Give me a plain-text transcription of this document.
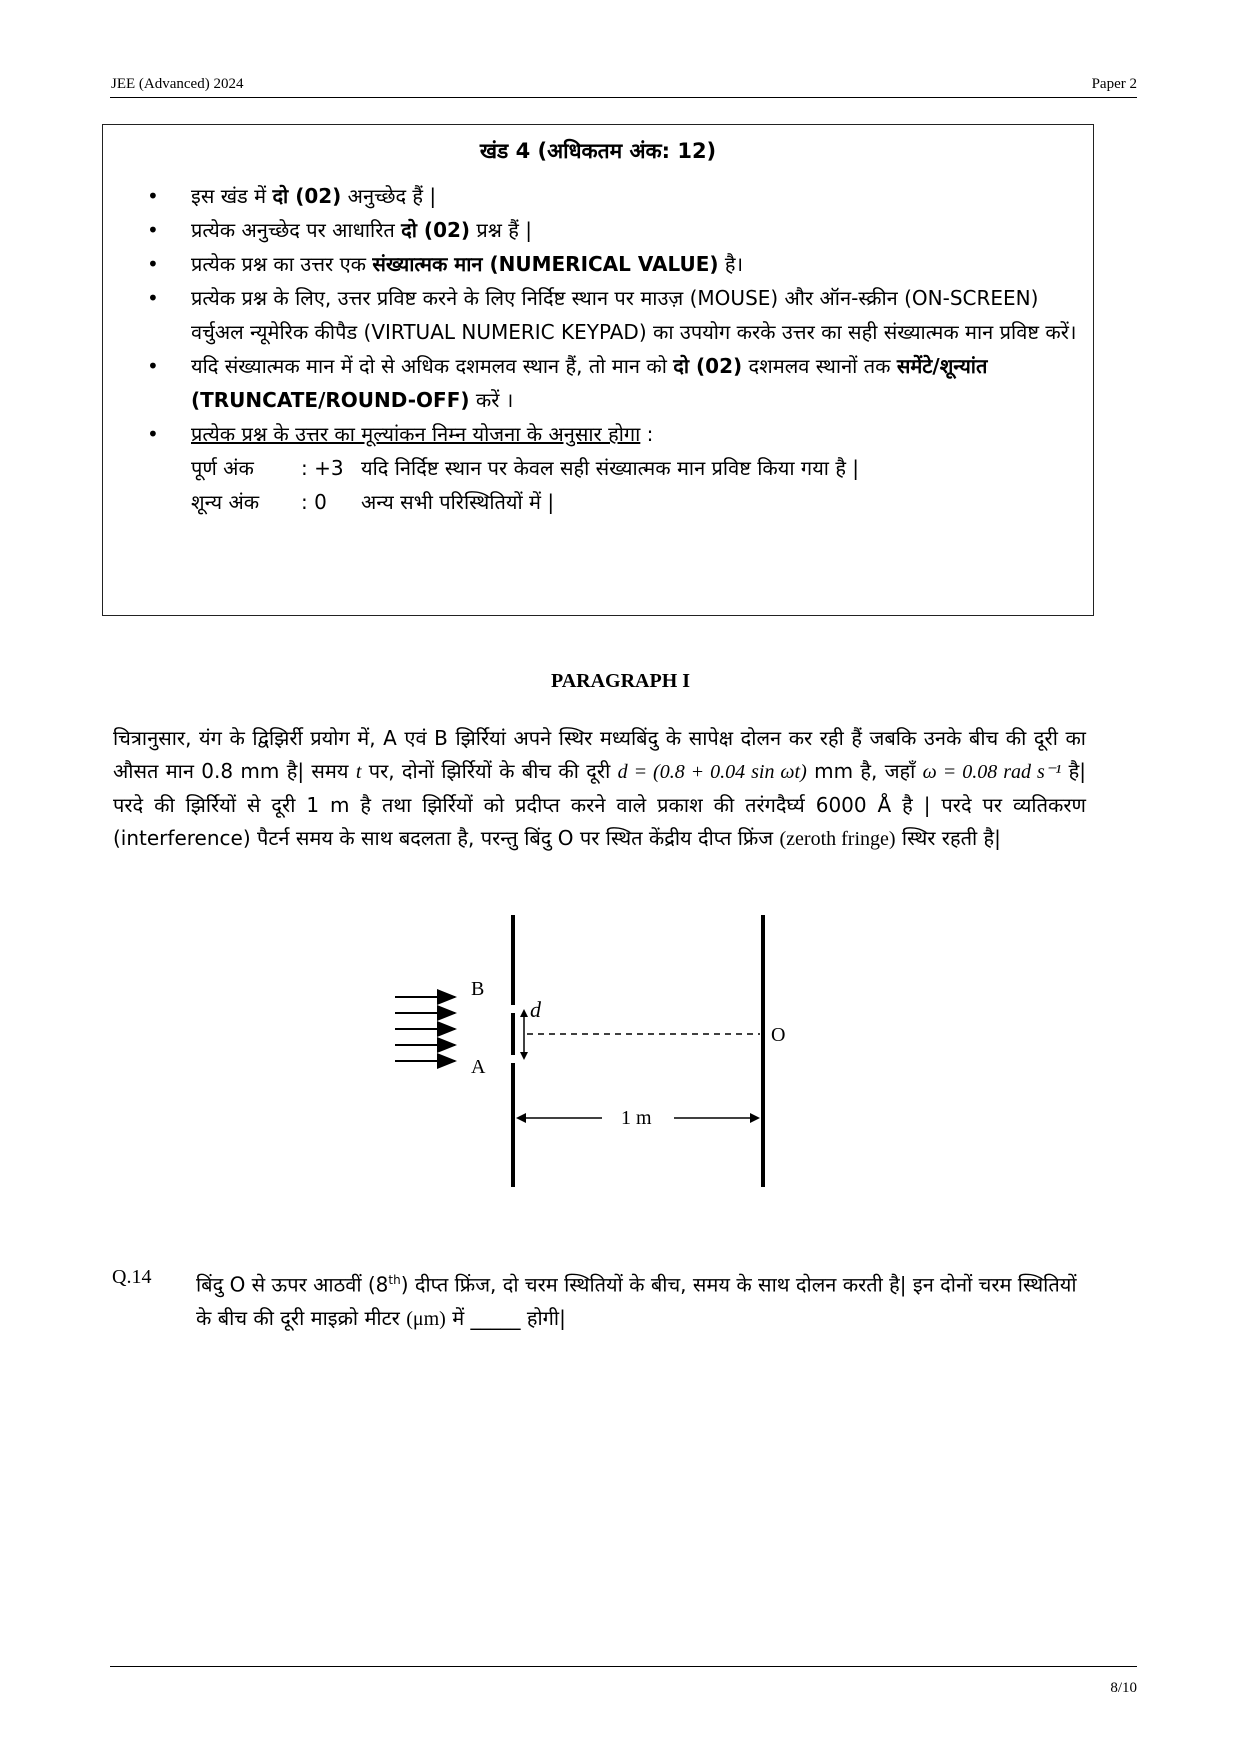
JEE (Advanced) 2024	Paper 2
खंड 4 (अधिकतम अंक: 12)
• इस खंड में दो (02) अनुच्छेद हैं |
• प्रत्येक अनुच्छेद पर आधारित दो (02) प्रश्न हैं |
• प्रत्येक प्रश्न का उत्तर एक संख्यात्मक मान (NUMERICAL VALUE) है।
• प्रत्येक प्रश्न के लिए, उत्तर प्रविष्ट करने के लिए निर्दिष्ट स्थान पर माउज़ (MOUSE) और ऑन-स्क्रीन (ON-SCREEN) वर्चुअल न्यूमेरिक कीपैड (VIRTUAL NUMERIC KEYPAD) का उपयोग करके उत्तर का सही संख्यात्मक मान प्रविष्ट करें।
• यदि संख्यात्मक मान में दो से अधिक दशमलव स्थान हैं, तो मान को दो (02) दशमलव स्थानों तक समेंटे/शून्यांत (TRUNCATE/ROUND-OFF) करें ।
• प्रत्येक प्रश्न के उत्तर का मूल्यांकन निम्न योजना के अनुसार होगा :
पूर्ण अंक	: +3 यदि निर्दिष्ट स्थान पर केवल सही संख्यात्मक मान प्रविष्ट किया गया है |
शून्य अंक	: 0	अन्य सभी परिस्थितियों में |
PARAGRAPH I
चित्रानुसार, यंग के द्विझिर्री प्रयोग में, A एवं B झिर्रियां अपने स्थिर मध्यबिंदु के सापेक्ष दोलन कर रही हैं जबकि उनके बीच की दूरी का औसत मान 0.8 mm है| समय t पर, दोनों झिर्रियों के बीच की दूरी d = (0.8 + 0.04 sin ωt) mm है, जहाँ ω = 0.08 rad s⁻¹ है| परदे की झिर्रियों से दूरी 1 m है तथा झिर्रियों को प्रदीप्त करने वाले प्रकाश की तरंगदैर्घ्य 6000 Å है | परदे पर व्यतिकरण (interference) पैटर्न समय के साथ बदलता है, परन्तु बिंदु O पर स्थित केंद्रीय दीप्त फ्रिंज (zeroth fringe) स्थिर रहती है|
B
A
d
O
1 m
Q.14 बिंदु O से ऊपर आठवीं (8th) दीप्त फ्रिंज, दो चरम स्थितियों के बीच, समय के साथ दोलन करती है| इन दोनों चरम स्थितियों के बीच की दूरी माइक्रो मीटर (μm) में _____ होगी|
8/10
